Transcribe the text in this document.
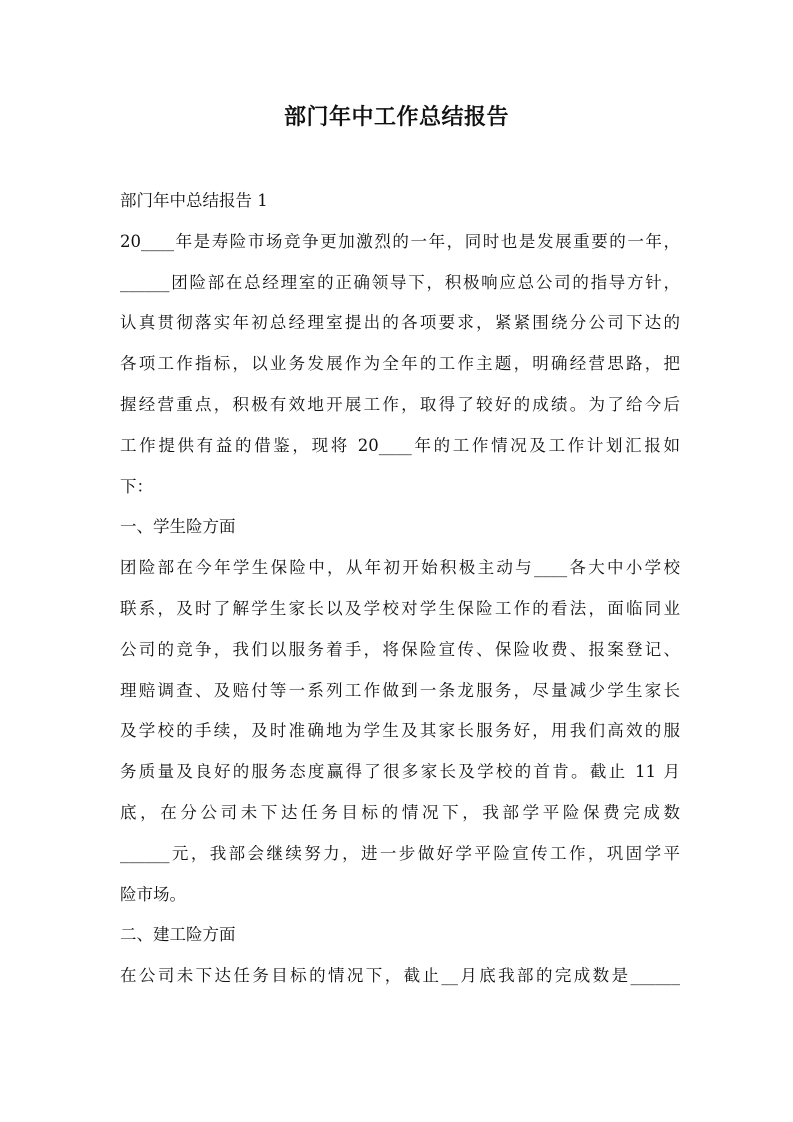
部门年中工作总结报告
部门年中总结报告 1
20____年是寿险市场竞争更加激烈的一年，同时也是发展重要的一年，
______团险部在总经理室的正确领导下，积极响应总公司的指导方针，
认真贯彻落实年初总经理室提出的各项要求，紧紧围绕分公司下达的
各项工作指标，以业务发展作为全年的工作主题，明确经营思路，把
握经营重点，积极有效地开展工作，取得了较好的成绩。为了给今后
工作提供有益的借鉴，现将 20____年的工作情况及工作计划汇报如
下：
一、学生险方面
团险部在今年学生保险中，从年初开始积极主动与____各大中小学校
联系，及时了解学生家长以及学校对学生保险工作的看法，面临同业
公司的竞争，我们以服务着手，将保险宣传、保险收费、报案登记、
理赔调查、及赔付等一系列工作做到一条龙服务，尽量减少学生家长
及学校的手续，及时准确地为学生及其家长服务好，用我们高效的服
务质量及良好的服务态度赢得了很多家长及学校的首肯。截止 11 月
底，在分公司未下达任务目标的情况下，我部学平险保费完成数
______元，我部会继续努力，进一步做好学平险宣传工作，巩固学平
险市场。
二、建工险方面
在公司未下达任务目标的情况下，截止__月底我部的完成数是______
